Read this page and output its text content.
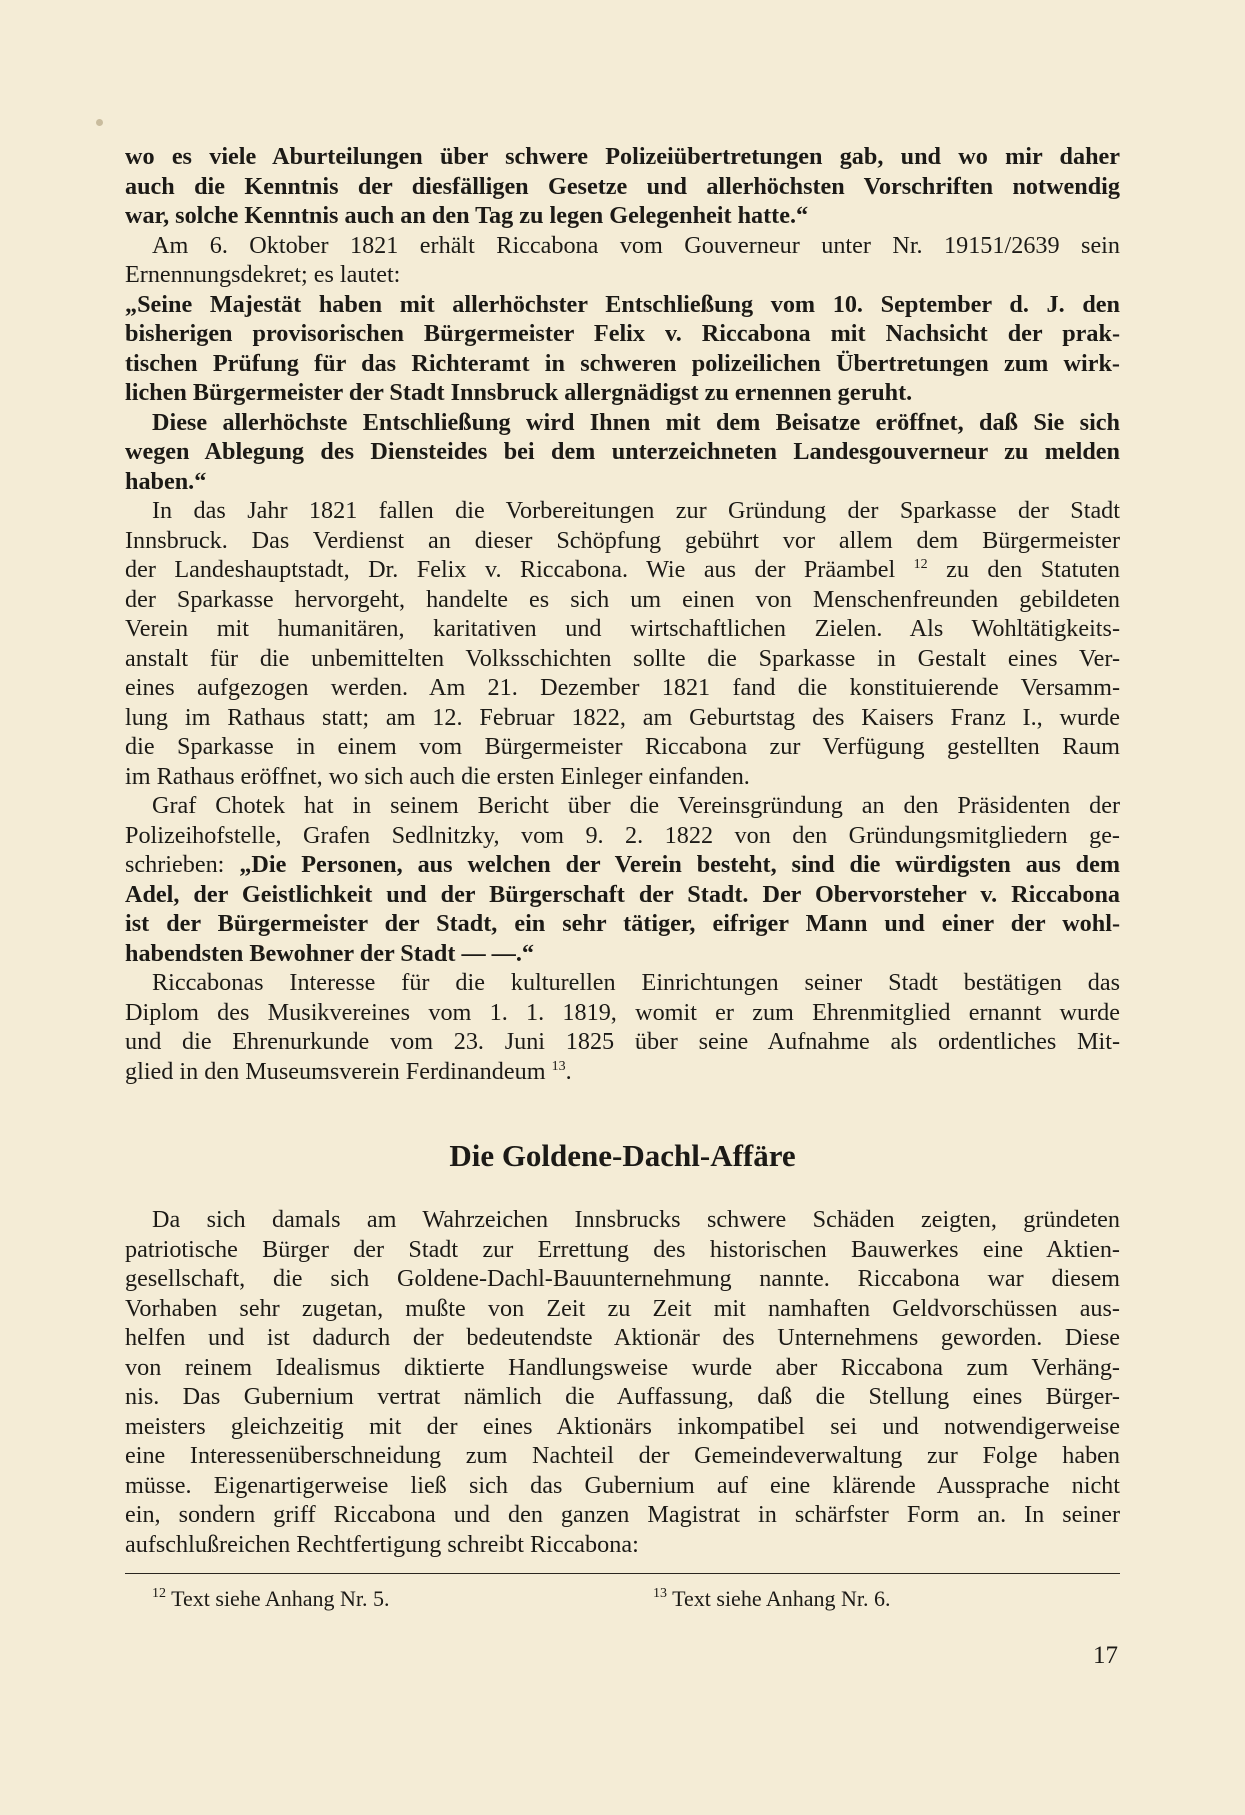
wo es viele Aburteilungen über schwere Polizeiübertretungen gab, und wo mir daher
auch die Kenntnis der diesfälligen Gesetze und allerhöchsten Vorschriften notwendig
war, solche Kenntnis auch an den Tag zu legen Gelegenheit hatte.“
Am 6. Oktober 1821 erhält Riccabona vom Gouverneur unter Nr. 19151/2639 sein
Ernennungsdekret; es lautet:
„Seine Majestät haben mit allerhöchster Entschließung vom 10. September d. J. den
bisherigen provisorischen Bürgermeister Felix v. Riccabona mit Nachsicht der prak-
tischen Prüfung für das Richteramt in schweren polizeilichen Übertretungen zum wirk-
lichen Bürgermeister der Stadt Innsbruck allergnädigst zu ernennen geruht.
Diese allerhöchste Entschließung wird Ihnen mit dem Beisatze eröffnet, daß Sie sich
wegen Ablegung des Diensteides bei dem unterzeichneten Landesgouverneur zu melden
haben.“
In das Jahr 1821 fallen die Vorbereitungen zur Gründung der Sparkasse der Stadt
Innsbruck. Das Verdienst an dieser Schöpfung gebührt vor allem dem Bürgermeister
der Landeshauptstadt, Dr. Felix v. Riccabona. Wie aus der Präambel $^{12}$ zu den Statuten
der Sparkasse hervorgeht, handelte es sich um einen von Menschenfreunden gebildeten
Verein mit humanitären, karitativen und wirtschaftlichen Zielen. Als Wohltätigkeits-
anstalt für die unbemittelten Volksschichten sollte die Sparkasse in Gestalt eines Ver-
eines aufgezogen werden. Am 21. Dezember 1821 fand die konstituierende Versamm-
lung im Rathaus statt; am 12. Februar 1822, am Geburtstag des Kaisers Franz I., wurde
die Sparkasse in einem vom Bürgermeister Riccabona zur Verfügung gestellten Raum
im Rathaus eröffnet, wo sich auch die ersten Einleger einfanden.
Graf Chotek hat in seinem Bericht über die Vereinsgründung an den Präsidenten der
Polizeihofstelle, Grafen Sedlnitzky, vom 9. 2. 1822 von den Gründungsmitgliedern ge-
schrieben: „Die Personen, aus welchen der Verein besteht, sind die würdigsten aus dem
Adel, der Geistlichkeit und der Bürgerschaft der Stadt. Der Obervorsteher v. Riccabona
ist der Bürgermeister der Stadt, ein sehr tätiger, eifriger Mann und einer der wohl-
habendsten Bewohner der Stadt — —.“
Riccabonas Interesse für die kulturellen Einrichtungen seiner Stadt bestätigen das
Diplom des Musikvereines vom 1. 1. 1819, womit er zum Ehrenmitglied ernannt wurde
und die Ehrenurkunde vom 23. Juni 1825 über seine Aufnahme als ordentliches Mit-
glied in den Museumsverein Ferdinandeum $^{13}$.
Die Goldene-Dachl-Affäre
Da sich damals am Wahrzeichen Innsbrucks schwere Schäden zeigten, gründeten
patriotische Bürger der Stadt zur Errettung des historischen Bauwerkes eine Aktien-
gesellschaft, die sich Goldene-Dachl-Bauunternehmung nannte. Riccabona war diesem
Vorhaben sehr zugetan, mußte von Zeit zu Zeit mit namhaften Geldvorschüssen aus-
helfen und ist dadurch der bedeutendste Aktionär des Unternehmens geworden. Diese
von reinem Idealismus diktierte Handlungsweise wurde aber Riccabona zum Verhäng-
nis. Das Gubernium vertrat nämlich die Auffassung, daß die Stellung eines Bürger-
meisters gleichzeitig mit der eines Aktionärs inkompatibel sei und notwendigerweise
eine Interessenüberschneidung zum Nachteil der Gemeindeverwaltung zur Folge haben
müsse. Eigenartigerweise ließ sich das Gubernium auf eine klärende Aussprache nicht
ein, sondern griff Riccabona und den ganzen Magistrat in schärfster Form an. In seiner
aufschlußreichen Rechtfertigung schreibt Riccabona:
$^{12}$ Text siehe Anhang Nr. 5.	$^{13}$ Text siehe Anhang Nr. 6.
17
